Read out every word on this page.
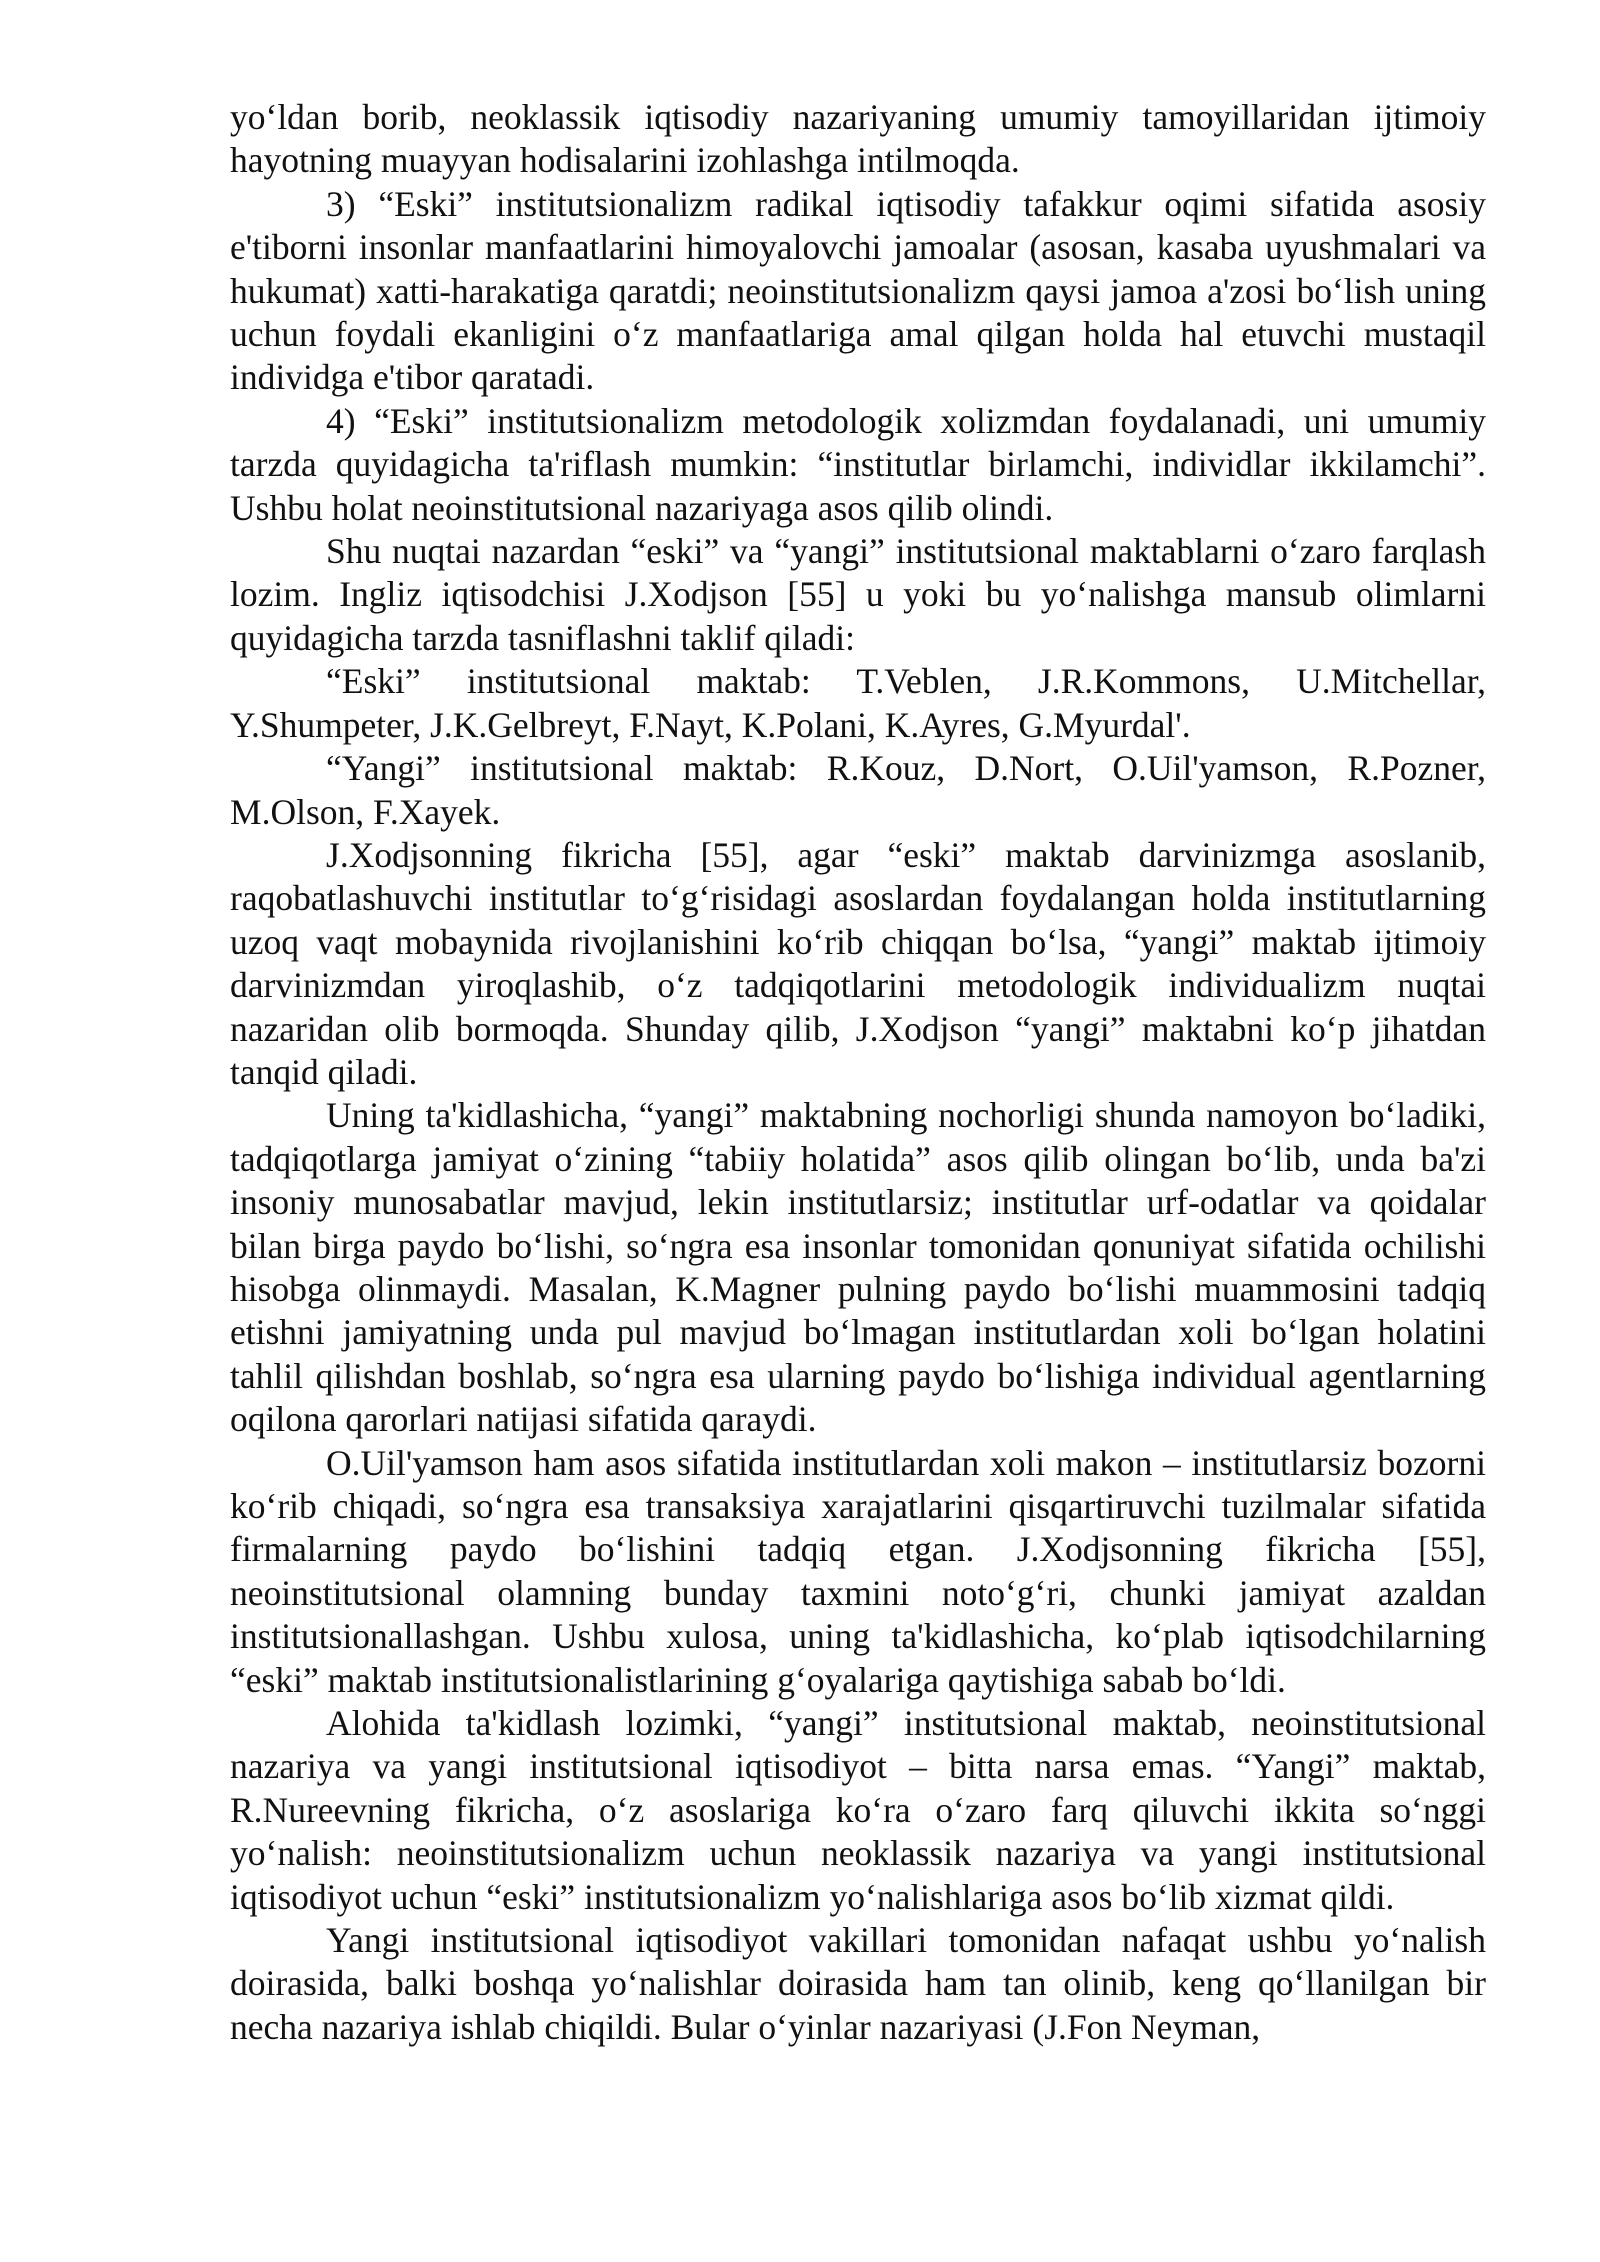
yo‘ldan borib, neoklassik iqtisodiy nazariyaning umumiy tamoyillaridan ijtimoiy hayotning muayyan hodisalarini izohlashga intilmoqda.

3) “Eski” institutsionalizm radikal iqtisodiy tafakkur oqimi sifatida asosiy e'tiborni insonlar manfaatlarini himoyalovchi jamoalar (asosan, kasaba uyushmalari va hukumat) xatti-harakatiga qaratdi; neoinstitutsionalizm qaysi jamoa a'zosi bo‘lish uning uchun foydali ekanligini o‘z manfaatlariga amal qilgan holda hal etuvchi mustaqil individga e'tibor qaratadi.

4) “Eski” institutsionalizm metodologik xolizmdan foydalanadi, uni umumiy tarzda quyidagicha ta'riflash mumkin: “institutlar birlamchi, individlar ikkilamchi”. Ushbu holat neoinstitutsional nazariyaga asos qilib olindi.

Shu nuqtai nazardan “eski” va “yangi” institutsional maktablarni o‘zaro farqlash lozim. Ingliz iqtisodchisi J.Xodjson [55] u yoki bu yo‘nalishga mansub olimlarni quyidagicha tarzda tasniflashni taklif qiladi:

“Eski” institutsional maktab: T.Veblen, J.R.Kommons, U.Mitchellar, Y.Shumpeter, J.K.Gelbreyt, F.Nayt, K.Polani, K.Ayres, G.Myurdal'.

“Yangi” institutsional maktab: R.Kouz, D.Nort, O.Uil'yamson, R.Pozner, M.Olson, F.Xayek.

J.Xodjsonning fikricha [55], agar “eski” maktab darvinizmga asoslanib, raqobatlashuvchi institutlar to‘g‘risidagi asoslardan foydalangan holda institutlarning uzoq vaqt mobaynida rivojlanishini ko‘rib chiqqan bo‘lsa, “yangi” maktab ijtimoiy darvinizmdan yiroqlashib, o‘z tadqiqotlarini metodologik individualizm nuqtai nazaridan olib bormoqda. Shunday qilib, J.Xodjson “yangi” maktabni ko‘p jihatdan tanqid qiladi.

Uning ta'kidlashicha, “yangi” maktabning nochorligi shunda namoyon bo‘ladiki, tadqiqotlarga jamiyat o‘zining “tabiiy holatida” asos qilib olingan bo‘lib, unda ba'zi insoniy munosabatlar mavjud, lekin institutlarsiz; institutlar urf-odatlar va qoidalar bilan birga paydo bo‘lishi, so‘ngra esa insonlar tomonidan qonuniyat sifatida ochilishi hisobga olinmaydi. Masalan, K.Magner pulning paydo bo‘lishi muammosini tadqiq etishni jamiyatning unda pul mavjud bo‘lmagan institutlardan xoli bo‘lgan holatini tahlil qilishdan boshlab, so‘ngra esa ularning paydo bo‘lishiga individual agentlarning oqilona qarorlari natijasi sifatida qaraydi.

O.Uil'yamson ham asos sifatida institutlardan xoli makon – institutlarsiz bozorni ko‘rib chiqadi, so‘ngra esa transaksiya xarajatlarini qisqartiruvchi tuzilmalar sifatida firmalarning paydo bo‘lishini tadqiq etgan. J.Xodjsonning fikricha [55], neoinstitutsional olamning bunday taxmini noto‘g‘ri, chunki jamiyat azaldan institutsionallashgan. Ushbu xulosa, uning ta'kidlashicha, ko‘plab iqtisodchilarning “eski” maktab institutsionalistlarining g‘oyalariga qaytishiga sabab bo‘ldi.

Alohida ta'kidlash lozimki, “yangi” institutsional maktab, neoinstitutsional nazariya va yangi institutsional iqtisodiyot – bitta narsa emas. “Yangi” maktab, R.Nureevning fikricha, o‘z asoslariga ko‘ra o‘zaro farq qiluvchi ikkita so‘nggi yo‘nalish: neoinstitutsionalizm uchun neoklassik nazariya va yangi institutsional iqtisodiyot uchun “eski” institutsionalizm yo‘nalishlariga asos bo‘lib xizmat qildi.

Yangi institutsional iqtisodiyot vakillari tomonidan nafaqat ushbu yo‘nalish doirasida, balki boshqa yo‘nalishlar doirasida ham tan olinib, keng qo‘llanilgan bir necha nazariya ishlab chiqildi. Bular o‘yinlar nazariyasi (J.Fon Neyman,
